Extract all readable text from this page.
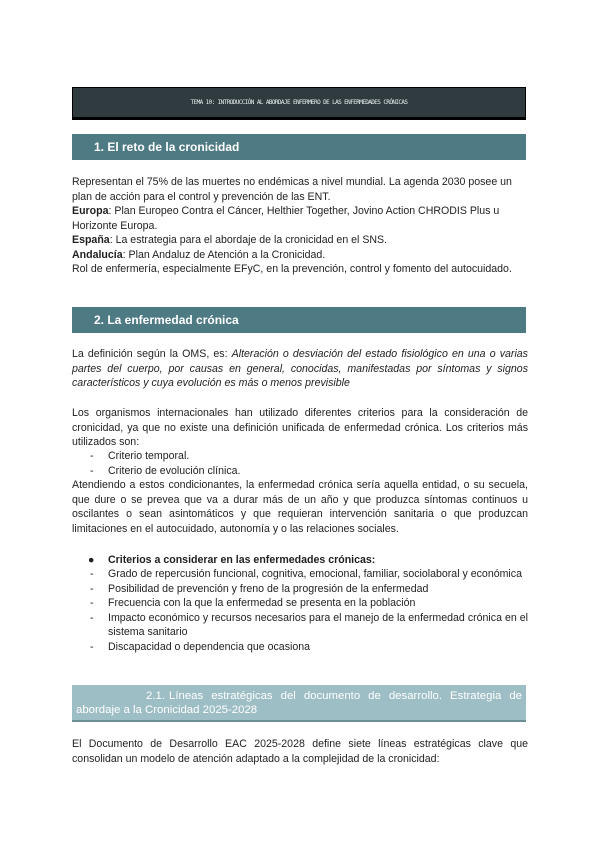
TEMA 10: INTRODUCCIÓN AL ABORDAJE ENFERMERO DE LAS ENFERMEDADES CRÓNICAS
1. El reto de la cronicidad

Representan el 75% de las muertes no endémicas a nivel mundial. La agenda 2030 posee un plan de acción para el control y prevención de las ENT.

Europa: Plan Europeo Contra el Cáncer, Helthier Together, Jovino Action CHRODIS Plus u Horizonte Europa.

España: La estrategia para el abordaje de la cronicidad en el SNS.

Andalucía: Plan Andaluz de Atención a la Cronicidad.

Rol de enfermería, especialmente EFyC, en la prevención, control y fomento del autocuidado.

2. La enfermedad crónica

La definición según la OMS, es: Alteración o desviación del estado fisiológico en una o varias partes del cuerpo, por causas en general, conocidas, manifestadas por síntomas y signos característicos y cuya evolución es más o menos previsible

Los organismos internacionales han utilizado diferentes criterios para la consideración de cronicidad, ya que no existe una definición unificada de enfermedad crónica. Los criterios más utilizados son:

- Criterio temporal.
- Criterio de evolución clínica.

Atendiendo a estos condicionantes, la enfermedad crónica sería aquella entidad, o su secuela, que dure o se prevea que va a durar más de un año y que produzca síntomas continuos u oscilantes o sean asintomáticos y que requieran intervención sanitaria o que produzcan limitaciones en el autocuidado, autonomía y o las relaciones sociales.

● Criterios a considerar en las enfermedades crónicas:
- Grado de repercusión funcional, cognitiva, emocional, familiar, sociolaboral y económica
- Posibilidad de prevención y freno de la progresión de la enfermedad
- Frecuencia con la que la enfermedad se presenta en la población
- Impacto económico y recursos necesarios para el manejo de la enfermedad crónica en el sistema sanitario
- Discapacidad o dependencia que ocasiona
2.1. Líneas estratégicas del documento de desarrollo. Estrategia de abordaje a la Cronicidad 2025-2028

El Documento de Desarrollo EAC 2025-2028 define siete líneas estratégicas clave que consolidan un modelo de atención adaptado a la complejidad de la cronicidad:
